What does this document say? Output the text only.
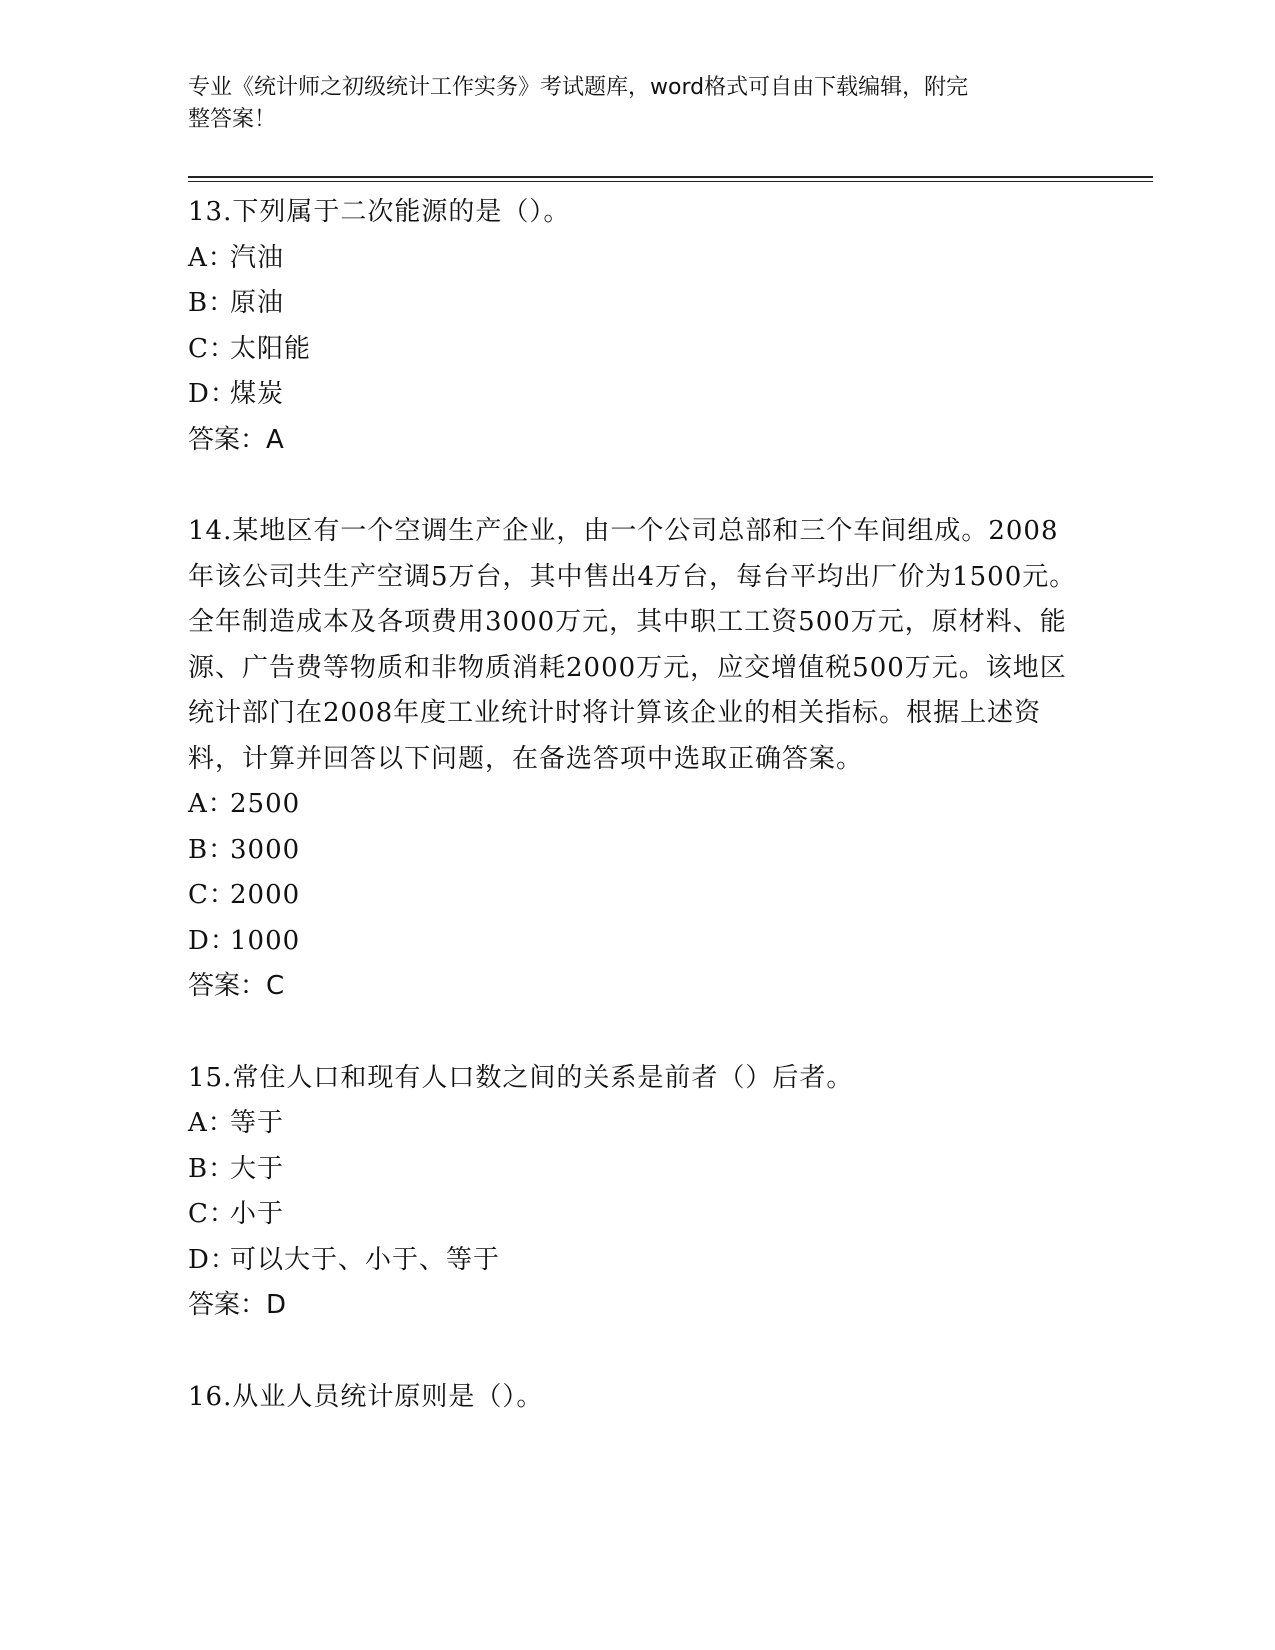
专业《统计师之初级统计工作实务》考试题库，word格式可自由下载编辑，附完
整答案！
13.下列属于二次能源的是（）。
A：
汽油
B：
原油
C：
太阳能
D：
煤炭
答案：A
14.某地区有一个空调生产企业，由一个公司总部和三个车间组成。2008年该公司共生产空调5万台，其中售出4万台，每台平均出厂价为1500元。全年制造成本及各项费用3000万元，其中职工工资500万元，原材料、能源、广告费等物质和非物质消耗2000万元，应交增值税500万元。该地区统计部门在2008年度工业统计时将计算该企业的相关指标。根据上述资料，计算并回答以下问题，在备选答项中选取正确答案。
A：
2500
B：
3000
C：
2000
D：
1000
答案：C
15.常住人口和现有人口数之间的关系是前者（）后者。
A：
等于
B：
大于
C：
小于
D：
可以大于、小于、等于
答案：D
16.从业人员统计原则是（）。
